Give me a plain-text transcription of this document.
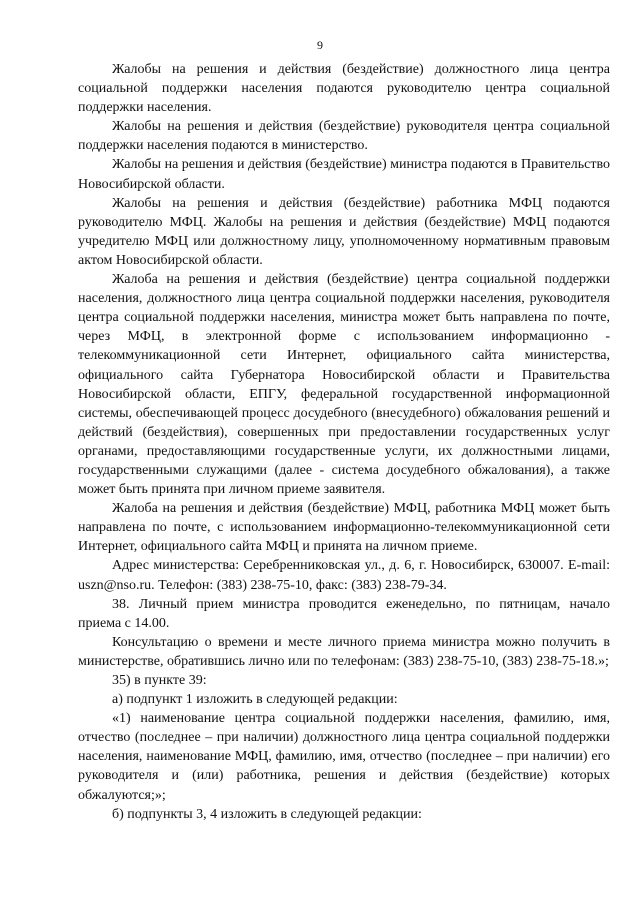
9

Жалобы на решения и действия (бездействие) должностного лица центра социальной поддержки населения подаются руководителю центра социальной поддержки населения.

Жалобы на решения и действия (бездействие) руководителя центра социальной поддержки населения подаются в министерство.

Жалобы на решения и действия (бездействие) министра подаются в Правительство Новосибирской области.

Жалобы на решения и действия (бездействие) работника МФЦ подаются руководителю МФЦ. Жалобы на решения и действия (бездействие) МФЦ подаются учредителю МФЦ или должностному лицу, уполномоченному нормативным правовым актом Новосибирской области.

Жалоба на решения и действия (бездействие) центра социальной поддержки населения, должностного лица центра социальной поддержки населения, руководителя центра социальной поддержки населения, министра может быть направлена по почте, через МФЦ, в электронной форме с использованием информационно - телекоммуникационной сети Интернет, официального сайта министерства, официального сайта Губернатора Новосибирской области и Правительства Новосибирской области, ЕПГУ, федеральной государственной информационной системы, обеспечивающей процесс досудебного (внесудебного) обжалования решений и действий (бездействия), совершенных при предоставлении государственных услуг органами, предоставляющими государственные услуги, их должностными лицами, государственными служащими (далее - система досудебного обжалования), а также может быть принята при личном приеме заявителя.

Жалоба на решения и действия (бездействие) МФЦ, работника МФЦ может быть направлена по почте, с использованием информационно-телекоммуникационной сети Интернет, официального сайта МФЦ и принята на личном приеме.

Адрес министерства: Серебренниковская ул., д. 6, г. Новосибирск, 630007. E-mail: uszn@nso.ru. Телефон: (383) 238-75-10, факс: (383) 238-79-34.

38. Личный прием министра проводится еженедельно, по пятницам, начало приема с 14.00.

Консультацию о времени и месте личного приема министра можно получить в министерстве, обратившись лично или по телефонам: (383) 238-75-10, (383) 238-75-18.»;

35) в пункте 39:

а) подпункт 1 изложить в следующей редакции:

«1) наименование центра социальной поддержки населения, фамилию, имя, отчество (последнее – при наличии) должностного лица центра социальной поддержки населения, наименование МФЦ, фамилию, имя, отчество (последнее – при наличии) его руководителя и (или) работника, решения и действия (бездействие) которых обжалуются;»;

б) подпункты 3, 4 изложить в следующей редакции:
